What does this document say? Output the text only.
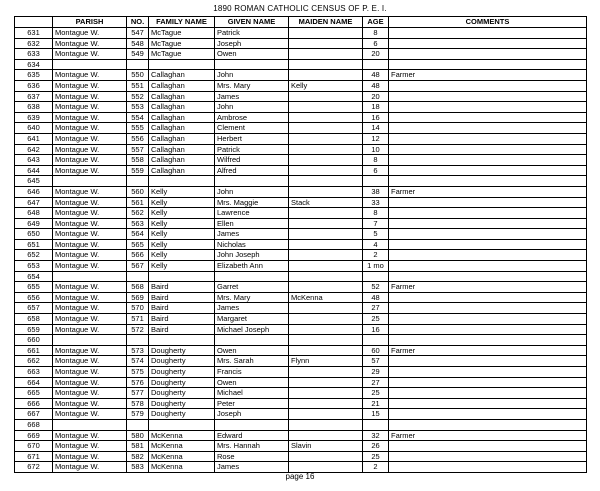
1890 ROMAN CATHOLIC CENSUS OF P. E. I.
	PARISH	NO.	FAMILY NAME	GIVEN NAME	MAIDEN NAME	AGE	COMMENTS
631	Montague W.	547	McTague	Patrick		8	
632	Montague W.	548	McTague	Joseph		6	
633	Montague W.	549	McTague	Owen		20	
634							
635	Montague W.	550	Callaghan	John		48	Farmer
636	Montague W.	551	Callaghan	Mrs. Mary	Kelly	48	
637	Montague W.	552	Callaghan	James		20	
638	Montague W.	553	Callaghan	John		18	
639	Montague W.	554	Callaghan	Ambrose		16	
640	Montague W.	555	Callaghan	Clement		14	
641	Montague W.	556	Callaghan	Herbert		12	
642	Montague W.	557	Callaghan	Patrick		10	
643	Montague W.	558	Callaghan	Wilfred		8	
644	Montague W.	559	Callaghan	Alfred		6	
645							
646	Montague W.	560	Kelly	John		38	Farmer
647	Montague W.	561	Kelly	Mrs. Maggie	Stack	33	
648	Montague W.	562	Kelly	Lawrence		8	
649	Montague W.	563	Kelly	Ellen		7	
650	Montague W.	564	Kelly	James		5	
651	Montague W.	565	Kelly	Nicholas		4	
652	Montague W.	566	Kelly	John Joseph		2	
653	Montague W.	567	Kelly	Elizabeth Ann		1 mo	
654							
655	Montague W.	568	Baird	Garret		52	Farmer
656	Montague W.	569	Baird	Mrs. Mary	McKenna	48	
657	Montague W.	570	Baird	James		27	
658	Montague W.	571	Baird	Margaret		25	
659	Montague W.	572	Baird	Michael Joseph		16	
660							
661	Montague W.	573	Dougherty	Owen		60	Farmer
662	Montague W.	574	Dougherty	Mrs. Sarah	Flynn	57	
663	Montague W.	575	Dougherty	Francis		29	
664	Montague W.	576	Dougherty	Owen		27	
665	Montague W.	577	Dougherty	Michael		25	
666	Montague W.	578	Dougherty	Peter		21	
667	Montague W.	579	Dougherty	Joseph		15	
668							
669	Montague W.	580	McKenna	Edward		32	Farmer
670	Montague W.	581	McKenna	Mrs. Hannah	Slavin	26	
671	Montague W.	582	McKenna	Rose		25	
672	Montague W.	583	McKenna	James		2	
page 16
